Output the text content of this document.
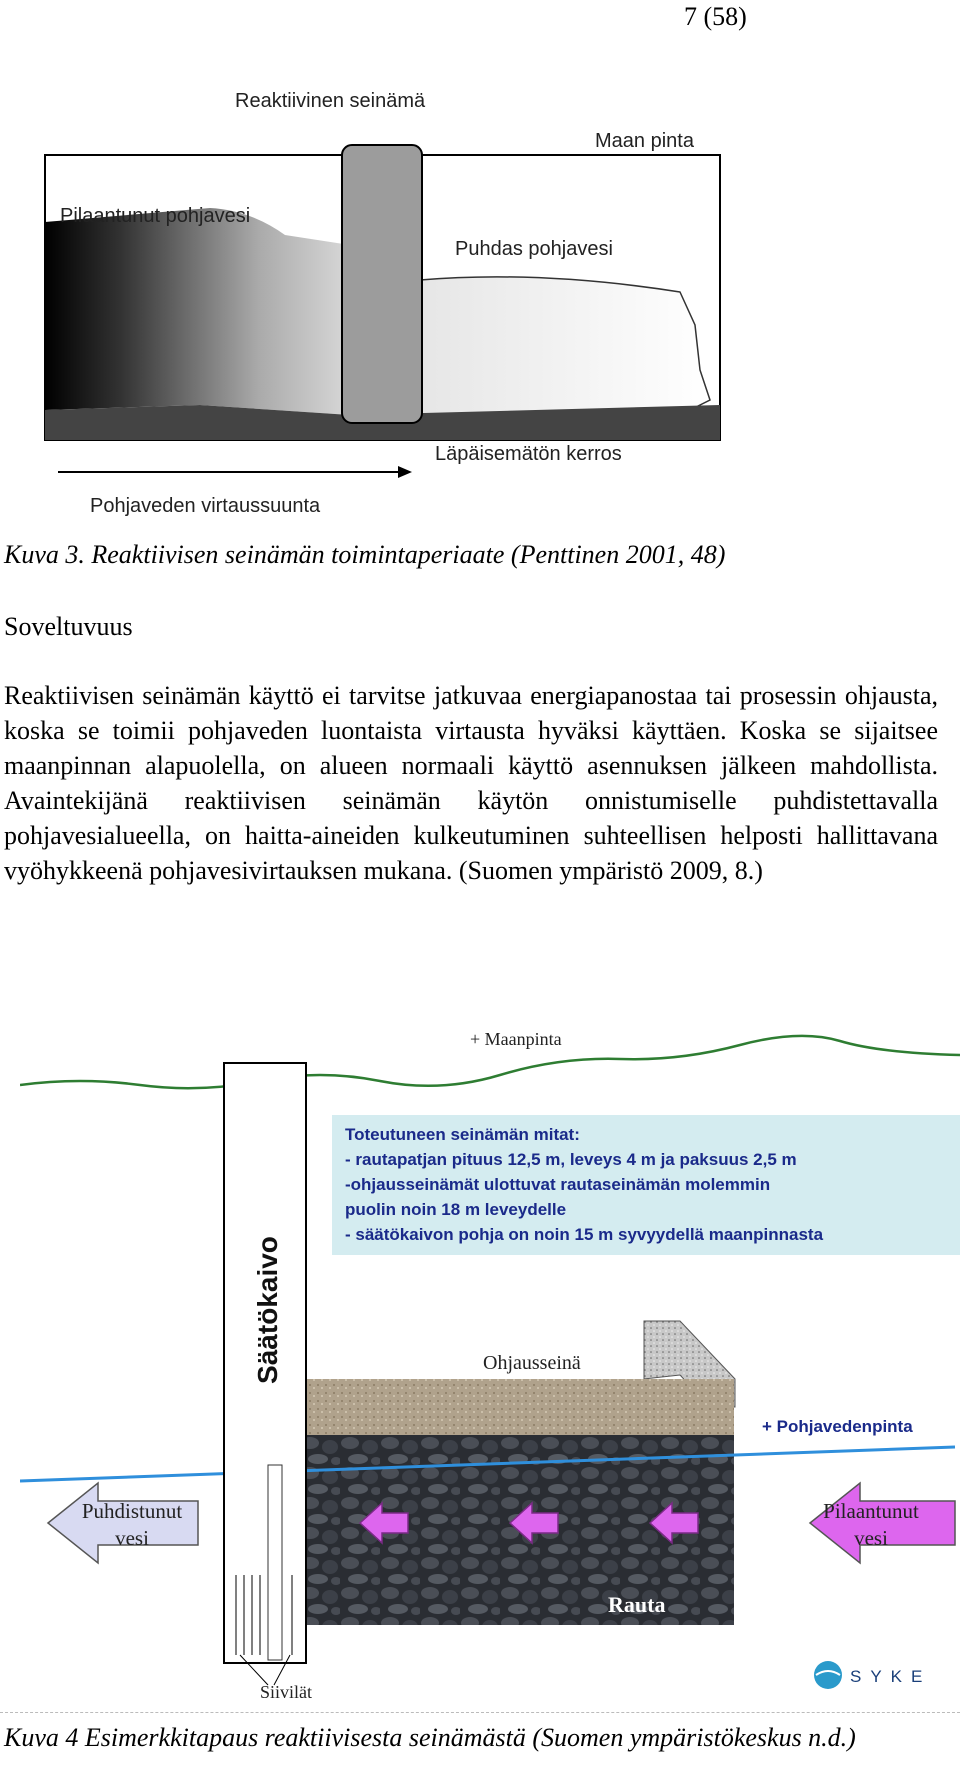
7 (58)
Reaktiivinen seinämä
Maan pinta
Pilaantunut pohjavesi
Puhdas pohjavesi
Läpäisemätön kerros
Pohjaveden virtaussuunta
Kuva 3. Reaktiivisen seinämän toimintaperiaate (Penttinen 2001, 48)
Soveltuvuus
Reaktiivisen seinämän käyttö ei tarvitse jatkuvaa energiapanostaa tai prosessin ohjausta, koska se toimii pohjaveden luontaista virtausta hyväksi käyttäen. Koska se sijaitsee maanpinnan alapuolella, on alueen normaali käyttö asennuksen jälkeen mahdollista. Avaintekijänä reaktiivisen seinämän käytön onnistumiselle puhdistettavalla pohjavesialueella, on haitta-aineiden kulkeutuminen suhteellisen helposti hallittavana vyöhykkeenä pohjavesivirtauksen mukana. (Suomen ympäristö 2009, 8.)
+ Maanpinta
Toteutuneen seinämän mitat:
- rautapatjan pituus 12,5 m, leveys 4 m ja paksuus 2,5 m
-ohjausseinämät ulottuvat rautaseinämän molemmin
puolin noin 18 m leveydelle
- säätökaivon pohja on noin 15 m syvyydellä maanpinnasta
Ohjausseinä
+ Pohjavedenpinta
Rauta
Pilaantunut
vesi
Puhdistunut
vesi
Säätökaivo
Siivilät
SYKE
Kuva 4 Esimerkkitapaus reaktiivisesta seinämästä (Suomen ympäristökeskus n.d.)
